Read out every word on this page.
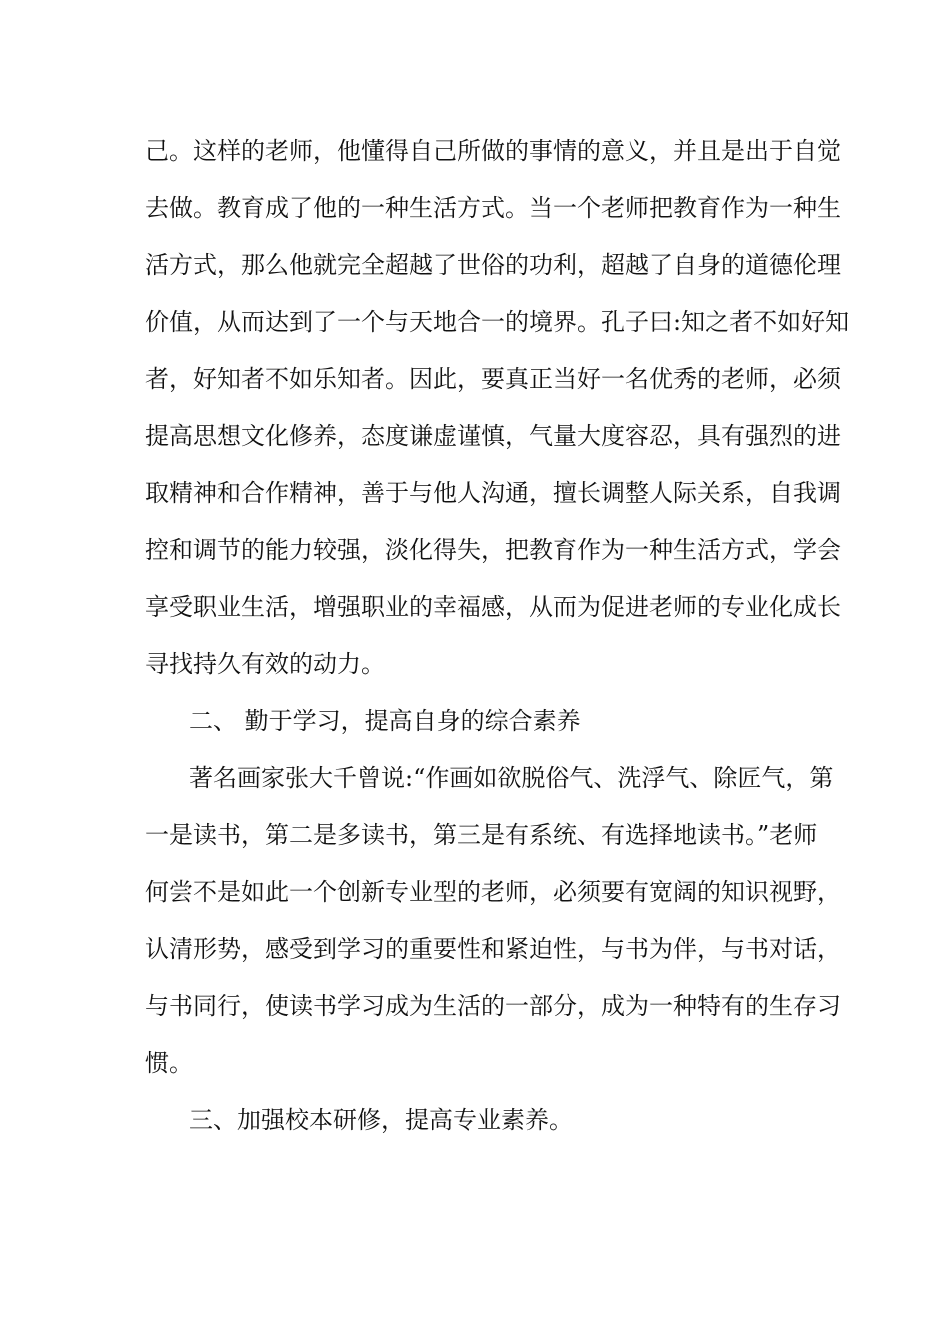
己。这样的老师，他懂得自己所做的事情的意义，并且是出于自觉
去做。教育成了他的一种生活方式。当一个老师把教育作为一种生
活方式，那么他就完全超越了世俗的功利，超越了自身的道德伦理
价值，从而达到了一个与天地合一的境界。孔子曰:知之者不如好知
者，好知者不如乐知者。因此，要真正当好一名优秀的老师，必须
提高思想文化修养，态度谦虚谨慎，气量大度容忍，具有强烈的进
取精神和合作精神，善于与他人沟通，擅长调整人际关系，自我调
控和调节的能力较强，淡化得失，把教育作为一种生活方式，学会
享受职业生活，增强职业的幸福感，从而为促进老师的专业化成长
寻找持久有效的动力。
二、 勤于学习，提高自身的综合素养
著名画家张大千曾说:“作画如欲脱俗气、洗浮气、除匠气，第
一是读书，第二是多读书，第三是有系统、有选择地读书。”老师
何尝不是如此一个创新专业型的老师，必须要有宽阔的知识视野，
认清形势，感受到学习的重要性和紧迫性，与书为伴，与书对话，
与书同行，使读书学习成为生活的一部分，成为一种特有的生存习
惯。
三、加强校本研修，提高专业素养。
